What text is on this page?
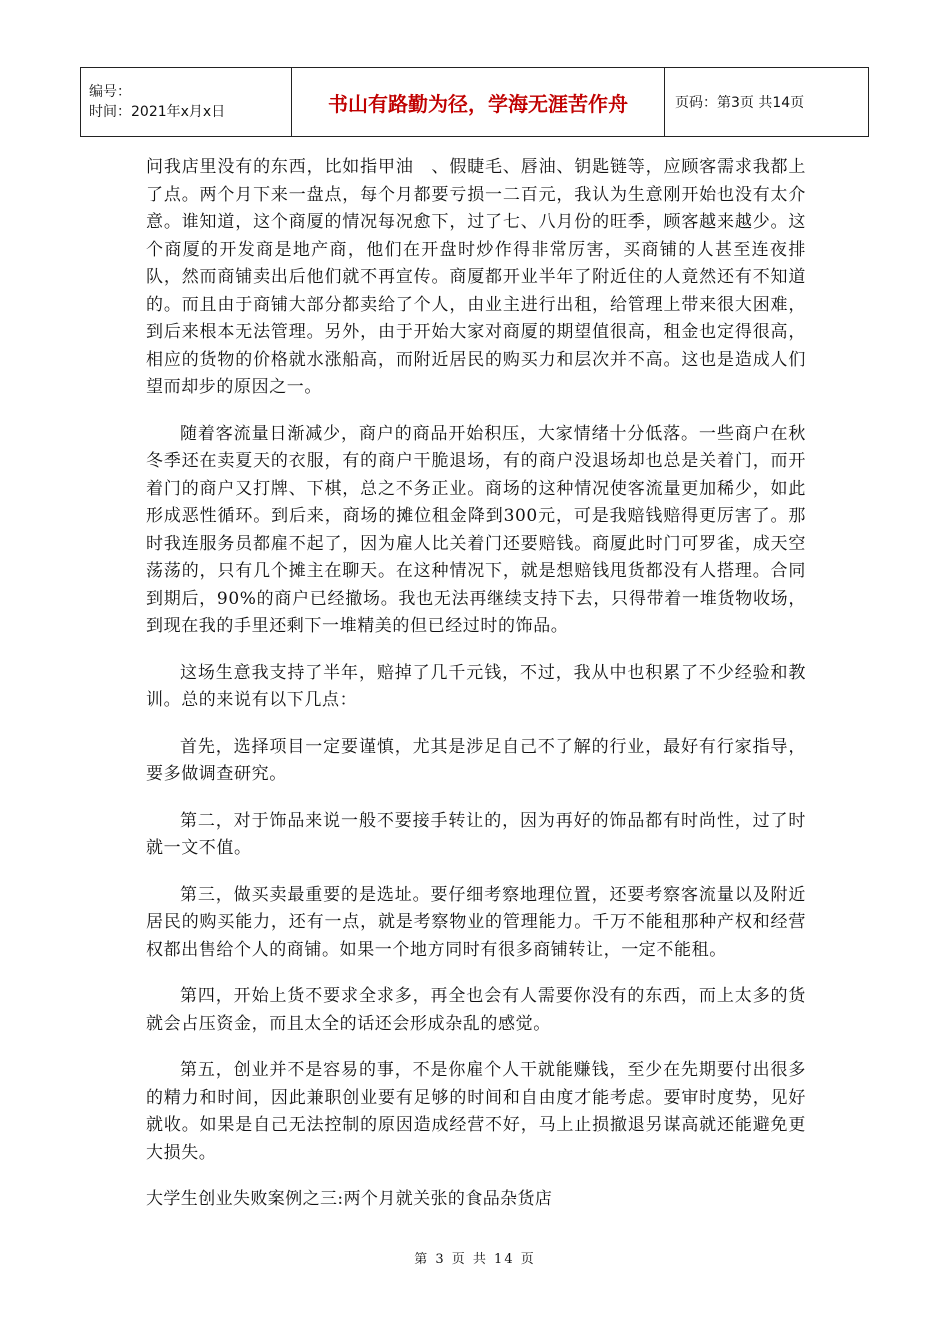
编号：
时间：2021年x月x日	书山有路勤为径，学海无涯苦作舟	页码：第3页 共14页

问我店里没有的东西，比如指甲油　、假睫毛、唇油、钥匙链等，应顾客需求我都上了点。两个月下来一盘点，每个月都要亏损一二百元，我认为生意刚开始也没有太介意。谁知道，这个商厦的情况每况愈下，过了七、八月份的旺季，顾客越来越少。这个商厦的开发商是地产商，他们在开盘时炒作得非常厉害，买商铺的人甚至连夜排队，然而商铺卖出后他们就不再宣传。商厦都开业半年了附近住的人竟然还有不知道的。而且由于商铺大部分都卖给了个人，由业主进行出租，给管理上带来很大困难，到后来根本无法管理。另外，由于开始大家对商厦的期望值很高，租金也定得很高，相应的货物的价格就水涨船高，而附近居民的购买力和层次并不高。这也是造成人们望而却步的原因之一。

随着客流量日渐减少，商户的商品开始积压，大家情绪十分低落。一些商户在秋冬季还在卖夏天的衣服，有的商户干脆退场，有的商户没退场却也总是关着门，而开着门的商户又打牌、下棋，总之不务正业。商场的这种情况使客流量更加稀少，如此形成恶性循环。到后来，商场的摊位租金降到300元，可是我赔钱赔得更厉害了。那时我连服务员都雇不起了，因为雇人比关着门还要赔钱。商厦此时门可罗雀，成天空荡荡的，只有几个摊主在聊天。在这种情况下，就是想赔钱甩货都没有人搭理。合同到期后，90%的商户已经撤场。我也无法再继续支持下去，只得带着一堆货物收场，到现在我的手里还剩下一堆精美的但已经过时的饰品。

这场生意我支持了半年，赔掉了几千元钱，不过，我从中也积累了不少经验和教训。总的来说有以下几点：

首先，选择项目一定要谨慎，尤其是涉足自己不了解的行业，最好有行家指导，要多做调查研究。

第二，对于饰品来说一般不要接手转让的，因为再好的饰品都有时尚性，过了时就一文不值。

第三，做买卖最重要的是选址。要仔细考察地理位置，还要考察客流量以及附近居民的购买能力，还有一点，就是考察物业的管理能力。千万不能租那种产权和经营权都出售给个人的商铺。如果一个地方同时有很多商铺转让，一定不能租。

第四，开始上货不要求全求多，再全也会有人需要你没有的东西，而上太多的货就会占压资金，而且太全的话还会形成杂乱的感觉。

第五，创业并不是容易的事，不是你雇个人干就能赚钱，至少在先期要付出很多的精力和时间，因此兼职创业要有足够的时间和自由度才能考虑。要审时度势，见好就收。如果是自己无法控制的原因造成经营不好，马上止损撤退另谋高就还能避免更大损失。

大学生创业失败案例之三:两个月就关张的食品杂货店

第 3 页 共 14 页
